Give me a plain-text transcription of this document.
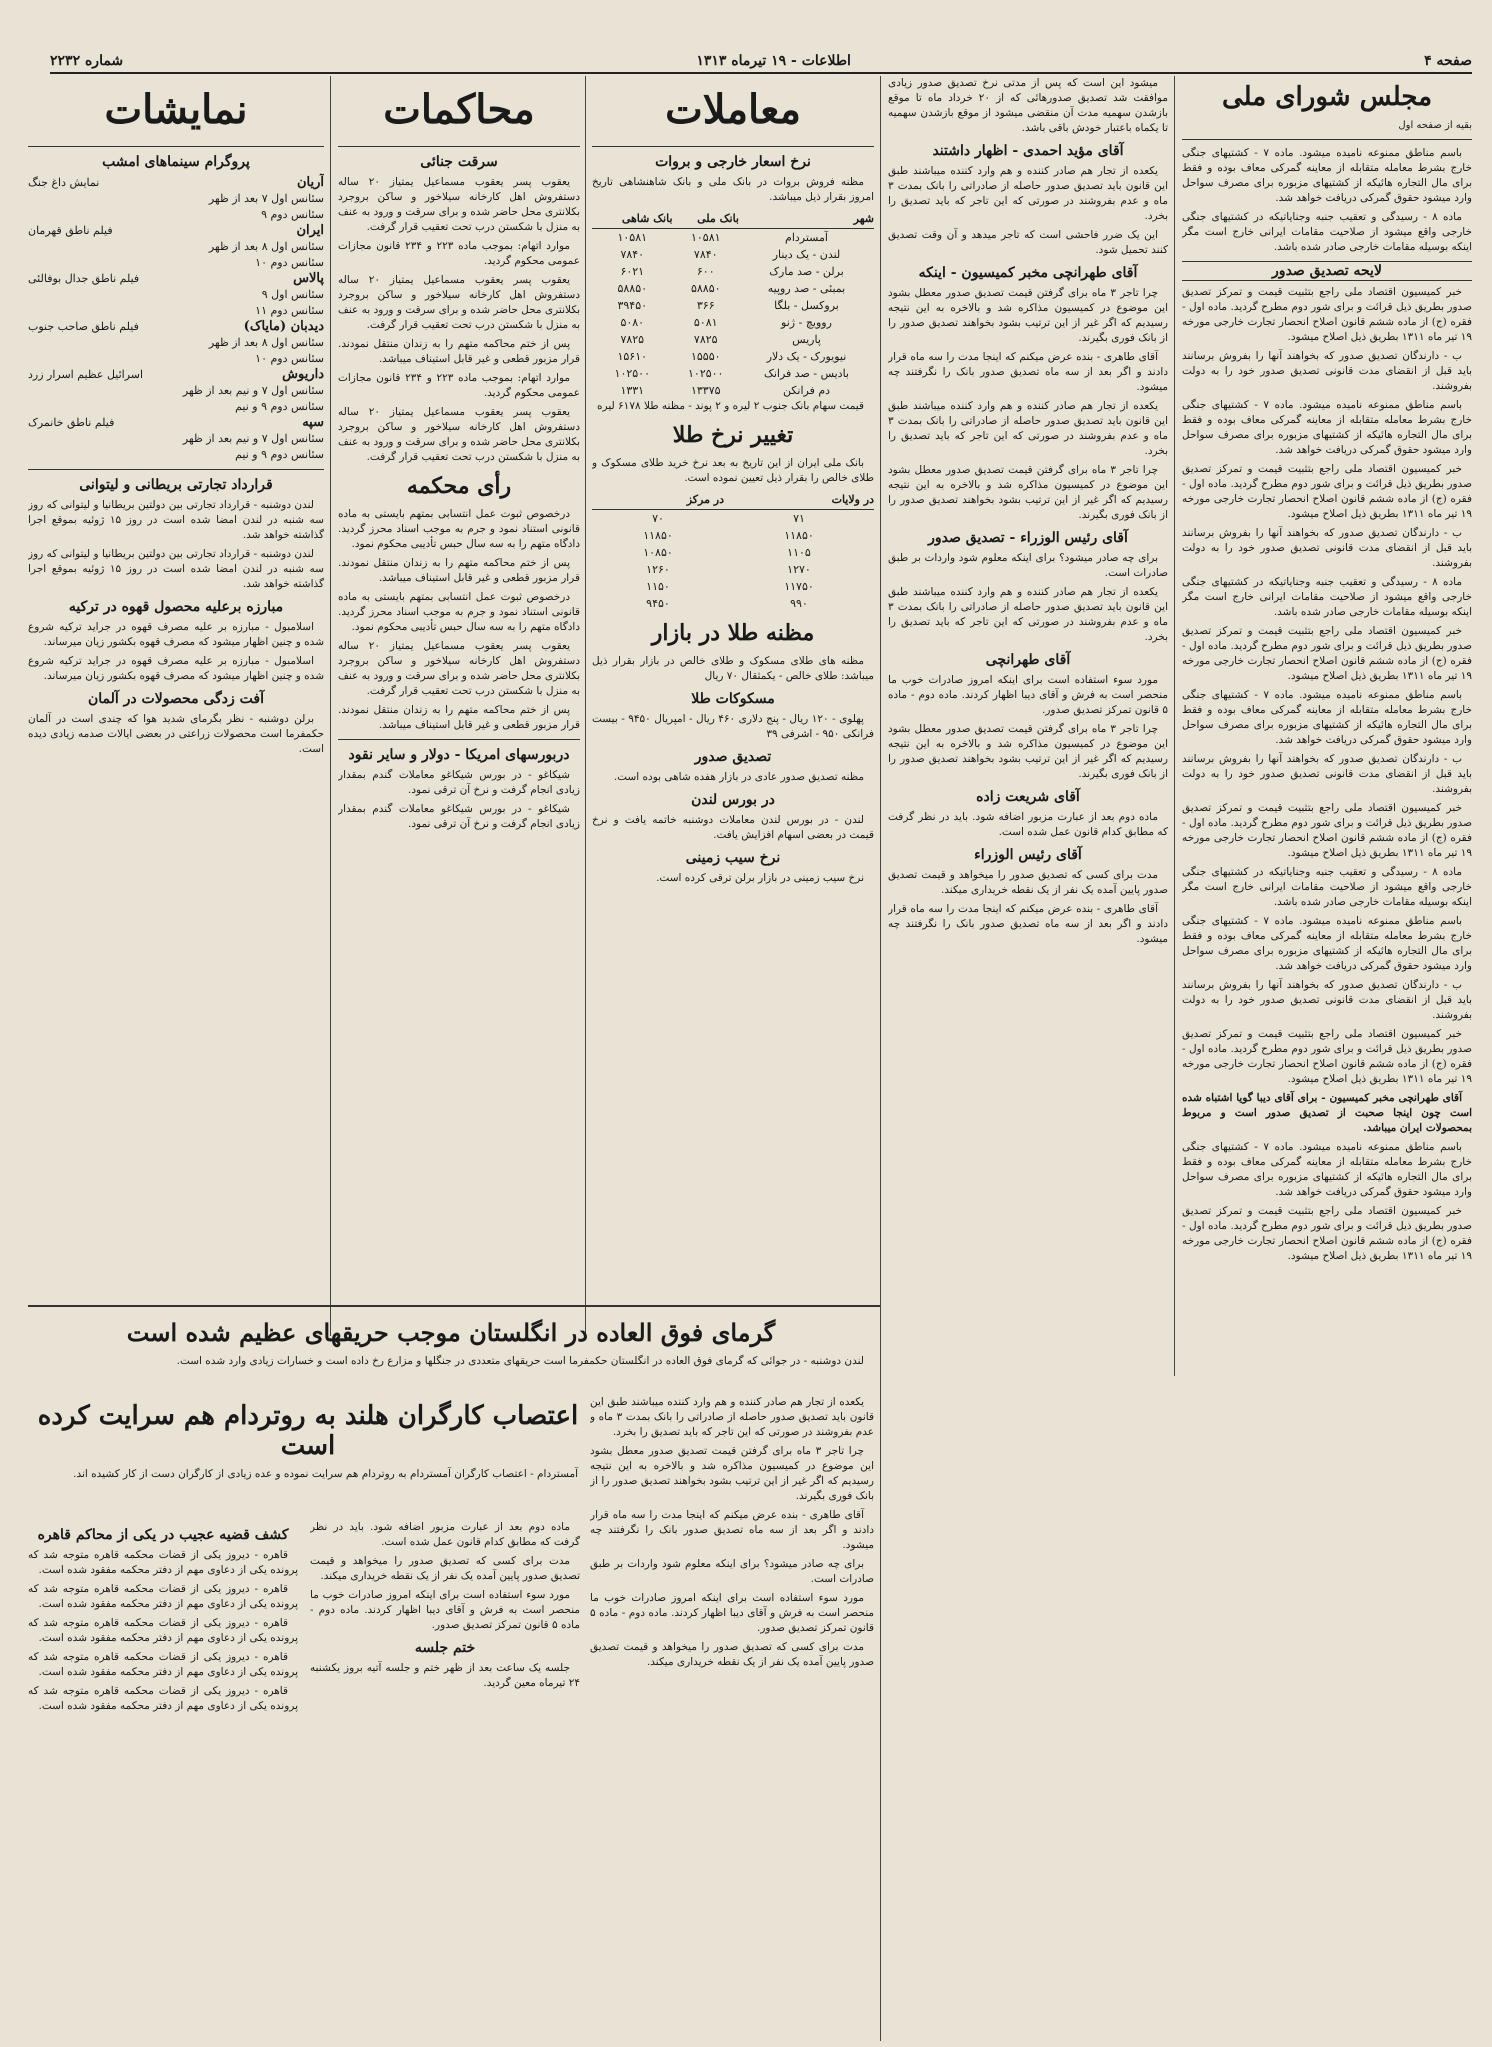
صفحه ۴
اطلاعات - ۱۹ تیرماه ۱۳۱۳
شماره ۲۲۳۲
مجلس شورای ملی
بقیه از صفحه اول

باسم مناطق ممنوعه نامیده میشود. ماده ۷ - کشتیهای جنگی خارج بشرط معامله متقابله از معاینه گمرکی معاف بوده و فقط برای مال التجاره هائیکه از کشتیهای مزبوره برای مصرف سواحل وارد میشود حقوق گمرکی دریافت خواهد شد.

ماده ۸ - رسیدگی و تعقیب جنبه وجنایاتیکه در کشتیهای جنگی خارجی واقع میشود از صلاحیت مقامات ایرانی خارج است مگر اینکه بوسیله مقامات خارجی صادر شده باشد.

لایحه تصدیق صدور

خبر کمیسیون اقتصاد ملی راجع بتثبیت قیمت و تمرکز تصدیق صدور بطریق ذیل قرائت و برای شور دوم مطرح گردید. ماده اول - فقره (ج) از ماده ششم قانون اصلاح انحصار تجارت خارجی مورخه ۱۹ تیر ماه ۱۳۱۱ بطریق ذیل اصلاح میشود.

ب - دارندگان تصدیق صدور که بخواهند آنها را بفروش برسانند باید قبل از انقضای مدت قانونی تصدیق صدور خود را به دولت بفروشند.

باسم مناطق ممنوعه نامیده میشود. ماده ۷ - کشتیهای جنگی خارج بشرط معامله متقابله از معاینه گمرکی معاف بوده و فقط برای مال التجاره هائیکه از کشتیهای مزبوره برای مصرف سواحل وارد میشود حقوق گمرکی دریافت خواهد شد.

خبر کمیسیون اقتصاد ملی راجع بتثبیت قیمت و تمرکز تصدیق صدور بطریق ذیل قرائت و برای شور دوم مطرح گردید. ماده اول - فقره (ج) از ماده ششم قانون اصلاح انحصار تجارت خارجی مورخه ۱۹ تیر ماه ۱۳۱۱ بطریق ذیل اصلاح میشود.

ب - دارندگان تصدیق صدور که بخواهند آنها را بفروش برسانند باید قبل از انقضای مدت قانونی تصدیق صدور خود را به دولت بفروشند.

ماده ۸ - رسیدگی و تعقیب جنبه وجنایاتیکه در کشتیهای جنگی خارجی واقع میشود از صلاحیت مقامات ایرانی خارج است مگر اینکه بوسیله مقامات خارجی صادر شده باشد.

خبر کمیسیون اقتصاد ملی راجع بتثبیت قیمت و تمرکز تصدیق صدور بطریق ذیل قرائت و برای شور دوم مطرح گردید. ماده اول - فقره (ج) از ماده ششم قانون اصلاح انحصار تجارت خارجی مورخه ۱۹ تیر ماه ۱۳۱۱ بطریق ذیل اصلاح میشود.

باسم مناطق ممنوعه نامیده میشود. ماده ۷ - کشتیهای جنگی خارج بشرط معامله متقابله از معاینه گمرکی معاف بوده و فقط برای مال التجاره هائیکه از کشتیهای مزبوره برای مصرف سواحل وارد میشود حقوق گمرکی دریافت خواهد شد.

ب - دارندگان تصدیق صدور که بخواهند آنها را بفروش برسانند باید قبل از انقضای مدت قانونی تصدیق صدور خود را به دولت بفروشند.

خبر کمیسیون اقتصاد ملی راجع بتثبیت قیمت و تمرکز تصدیق صدور بطریق ذیل قرائت و برای شور دوم مطرح گردید. ماده اول - فقره (ج) از ماده ششم قانون اصلاح انحصار تجارت خارجی مورخه ۱۹ تیر ماه ۱۳۱۱ بطریق ذیل اصلاح میشود.

ماده ۸ - رسیدگی و تعقیب جنبه وجنایاتیکه در کشتیهای جنگی خارجی واقع میشود از صلاحیت مقامات ایرانی خارج است مگر اینکه بوسیله مقامات خارجی صادر شده باشد.

باسم مناطق ممنوعه نامیده میشود. ماده ۷ - کشتیهای جنگی خارج بشرط معامله متقابله از معاینه گمرکی معاف بوده و فقط برای مال التجاره هائیکه از کشتیهای مزبوره برای مصرف سواحل وارد میشود حقوق گمرکی دریافت خواهد شد.

ب - دارندگان تصدیق صدور که بخواهند آنها را بفروش برسانند باید قبل از انقضای مدت قانونی تصدیق صدور خود را به دولت بفروشند.

خبر کمیسیون اقتصاد ملی راجع بتثبیت قیمت و تمرکز تصدیق صدور بطریق ذیل قرائت و برای شور دوم مطرح گردید. ماده اول - فقره (ج) از ماده ششم قانون اصلاح انحصار تجارت خارجی مورخه ۱۹ تیر ماه ۱۳۱۱ بطریق ذیل اصلاح میشود.

آقای طهرانچی مخبر کمیسیون - برای آقای دیبا گویا اشتباه شده است چون اینجا صحبت از تصدیق صدور است و مربوط بمحصولات ایران میباشد.

باسم مناطق ممنوعه نامیده میشود. ماده ۷ - کشتیهای جنگی خارج بشرط معامله متقابله از معاینه گمرکی معاف بوده و فقط برای مال التجاره هائیکه از کشتیهای مزبوره برای مصرف سواحل وارد میشود حقوق گمرکی دریافت خواهد شد.

خبر کمیسیون اقتصاد ملی راجع بتثبیت قیمت و تمرکز تصدیق صدور بطریق ذیل قرائت و برای شور دوم مطرح گردید. ماده اول - فقره (ج) از ماده ششم قانون اصلاح انحصار تجارت خارجی مورخه ۱۹ تیر ماه ۱۳۱۱ بطریق ذیل اصلاح میشود.

میشود این است که پس از مدتی نرخ تصدیق صدور زیادی موافقت شد تصدیق صدورهائی که از ۲۰ خرداد ماه تا موقع بازشدن سهمیه مدت آن منقضی میشود از موقع بازشدن سهمیه تا یکماه باعتبار خودش باقی باشد.

آقای مؤید احمدی - اظهار داشتند

یکعده از تجار هم صادر کننده و هم وارد کننده میباشند طبق این قانون باید تصدیق صدور حاصله از صادراتی را بانک بمدت ۳ ماه و عدم بفروشند در صورتی که این تاجر که باید تصدیق را بخرد.

این یک ضرر فاحشی است که تاجر میدهد و آن وقت تصدیق کنند تحمیل شود.

آقای طهرانچی مخبر کمیسیون - اینکه

چرا تاجر ۳ ماه برای گرفتن قیمت تصدیق صدور معطل بشود این موضوع در کمیسیون مذاکره شد و بالاخره به این نتیجه رسیدیم که اگر غیر از این ترتیب بشود بخواهند تصدیق صدور را از بانک فوری بگیرند.

آقای طاهری - بنده عرض میکنم که اینجا مدت را سه ماه قرار دادند و اگر بعد از سه ماه تصدیق صدور بانک را نگرفتند چه میشود.

یکعده از تجار هم صادر کننده و هم وارد کننده میباشند طبق این قانون باید تصدیق صدور حاصله از صادراتی را بانک بمدت ۳ ماه و عدم بفروشند در صورتی که این تاجر که باید تصدیق را بخرد.

چرا تاجر ۳ ماه برای گرفتن قیمت تصدیق صدور معطل بشود این موضوع در کمیسیون مذاکره شد و بالاخره به این نتیجه رسیدیم که اگر غیر از این ترتیب بشود بخواهند تصدیق صدور را از بانک فوری بگیرند.

آقای رئیس الوزراء - تصدیق صدور

برای چه صادر میشود؟ برای اینکه معلوم شود واردات بر طبق صادرات است.

یکعده از تجار هم صادر کننده و هم وارد کننده میباشند طبق این قانون باید تصدیق صدور حاصله از صادراتی را بانک بمدت ۳ ماه و عدم بفروشند در صورتی که این تاجر که باید تصدیق را بخرد.

آقای طهرانچی

مورد سوء استفاده است برای اینکه امروز صادرات خوب ما منحصر است به فرش و آقای دیبا اظهار کردند. ماده دوم - ماده ۵ قانون تمرکز تصدیق صدور.

چرا تاجر ۳ ماه برای گرفتن قیمت تصدیق صدور معطل بشود این موضوع در کمیسیون مذاکره شد و بالاخره به این نتیجه رسیدیم که اگر غیر از این ترتیب بشود بخواهند تصدیق صدور را از بانک فوری بگیرند.

آقای شریعت زاده

ماده دوم بعد از عبارت مزبور اضافه شود. باید در نظر گرفت که مطابق کدام قانون عمل شده است.

آقای رئیس الوزراء

مدت برای کسی که تصدیق صدور را میخواهد و قیمت تصدیق صدور پایین آمده یک نفر از یک نقطه خریداری میکند.

آقای طاهری - بنده عرض میکنم که اینجا مدت را سه ماه قرار دادند و اگر بعد از سه ماه تصدیق صدور بانک را نگرفتند چه میشود.

معاملات
نرخ اسعار خارجی و بروات

مظنه فروش بروات در بانک ملی و بانک شاهنشاهی تاریخ امروز بقرار ذیل میباشد.

شهر	بانک ملی	بانک شاهی
آمستردام	۱۰۵۸۱	۱۰۵۸۱
لندن - یک دینار	۷۸۴۰	۷۸۴۰
برلن - صد مارک	۶۰۰	۶۰۲۱
بمبئی - صد روپیه	۵۸۸۵۰	۵۸۸۵۰
بروکسل - بلگا	۳۶۶	۳۹۴۵۰
روویچ - ژنو	۵۰۸۱	۵۰۸۰
پاریس	۷۸۲۵	۷۸۲۵
نیویورک - یک دلار	۱۵۵۵۰	۱۵۶۱۰
بادیس - صد فرانک	۱۰۲۵۰۰	۱۰۲۵۰۰
دم فرانکن	۱۳۳۷۵	۱۳۳۱

قیمت سهام بانک جنوب ۲ لیره و ۲ پوند - مظنه طلا ۶۱۷۸ لیره

تغییر نرخ طلا

بانک ملی ایران از این تاریخ به بعد نرخ خرید طلای مسکوک و طلای خالص را بقرار ذیل تعیین نموده است.

در ولایات	در مرکز
۷۱	۷۰
۱۱۸۵۰	۱۱۸۵۰
۱۱۰۵	۱۰۸۵۰
۱۲۷۰	۱۲۶۰
۱۱۷۵۰	۱۱۵۰
۹۹۰	۹۴۵۰
مظنه طلا در بازار

مظنه های طلای مسکوک و طلای خالص در بازار بقرار ذیل میباشد: طلای خالص - یکمثقال ۷۰ ریال

مسکوکات طلا

پهلوی - ۱۲۰ ریال - پنج دلاری ۴۶۰ ریال - امپریال ۹۴۵۰ - بیست فرانکی ۹۵۰ - اشرفی ۳۹

تصدیق صدور

مظنه تصدیق صدور عادی در بازار هفده شاهی بوده است.

در بورس لندن

لندن - در بورس لندن معاملات دوشنبه خاتمه یافت و نرخ قیمت در بعضی اسهام افزایش یافت.

نرخ سیب زمینی

نرخ سیب زمینی در بازار برلن ترقی کرده است.

محاکمات
سرقت جنائی

یعقوب پسر یعقوب مسماعیل یمتیاز ۲۰ ساله دستفروش اهل کارخانه سیلاخور و ساکن بروجرد بکلانتری محل حاضر شده و برای سرقت و ورود به عنف به منزل با شکستن درب تحت تعقیب قرار گرفت.

موارد اتهام: بموجب ماده ۲۲۳ و ۲۳۴ قانون مجازات عمومی محکوم گردید.

یعقوب پسر یعقوب مسماعیل یمتیاز ۲۰ ساله دستفروش اهل کارخانه سیلاخور و ساکن بروجرد بکلانتری محل حاضر شده و برای سرقت و ورود به عنف به منزل با شکستن درب تحت تعقیب قرار گرفت.

پس از ختم محاکمه متهم را به زندان منتقل نمودند. قرار مزبور قطعی و غیر قابل استیناف میباشد.

موارد اتهام: بموجب ماده ۲۲۳ و ۲۳۴ قانون مجازات عمومی محکوم گردید.

یعقوب پسر یعقوب مسماعیل یمتیاز ۲۰ ساله دستفروش اهل کارخانه سیلاخور و ساکن بروجرد بکلانتری محل حاضر شده و برای سرقت و ورود به عنف به منزل با شکستن درب تحت تعقیب قرار گرفت.

رأی محکمه

درخصوص ثبوت عمل انتسابی بمتهم بایستی به ماده قانونی استناد نمود و جرم به موجب اسناد محرز گردید. دادگاه متهم را به سه سال حبس تأدیبی محکوم نمود.

پس از ختم محاکمه متهم را به زندان منتقل نمودند. قرار مزبور قطعی و غیر قابل استیناف میباشد.

درخصوص ثبوت عمل انتسابی بمتهم بایستی به ماده قانونی استناد نمود و جرم به موجب اسناد محرز گردید. دادگاه متهم را به سه سال حبس تأدیبی محکوم نمود.

یعقوب پسر یعقوب مسماعیل یمتیاز ۲۰ ساله دستفروش اهل کارخانه سیلاخور و ساکن بروجرد بکلانتری محل حاضر شده و برای سرقت و ورود به عنف به منزل با شکستن درب تحت تعقیب قرار گرفت.

پس از ختم محاکمه متهم را به زندان منتقل نمودند. قرار مزبور قطعی و غیر قابل استیناف میباشد.

دربورسهای امریکا - دولار و سایر نقود

شیکاغو - در بورس شیکاغو معاملات گندم بمقدار زیادی انجام گرفت و نرخ آن ترقی نمود.

شیکاغو - در بورس شیکاغو معاملات گندم بمقدار زیادی انجام گرفت و نرخ آن ترقی نمود.

نمایشات
پروگرام سینماهای امشب
آریان
نمایش داغ جنگ
سئانس اول ۷ بعد از ظهر
سئانس دوم ۹
ایران
فیلم ناطق قهرمان
سئانس اول ۸ بعد از ظهر
سئانس دوم ۱۰
پالاس
فیلم ناطق جدال بوفالئی
سئانس اول ۹
سئانس دوم ۱۱
دیدبان (مایاک)
فیلم ناطق صاحب جنوب
سئانس اول ۸ بعد از ظهر
سئانس دوم ۱۰
داریوش
اسرائیل عظیم اسرار زرد
سئانس اول ۷ و نیم بعد از ظهر
سئانس دوم ۹ و نیم
سپه
فیلم ناطق خانمرک
سئانس اول ۷ و نیم بعد از ظهر
سئانس دوم ۹ و نیم
قرارداد تجارتی بریطانی و لیتوانی

لندن دوشنبه - قرارداد تجارتی بین دولتین بریطانیا و لیتوانی که روز سه شنبه در لندن امضا شده است در روز ۱۵ ژوئیه بموقع اجرا گذاشته خواهد شد.

لندن دوشنبه - قرارداد تجارتی بین دولتین بریطانیا و لیتوانی که روز سه شنبه در لندن امضا شده است در روز ۱۵ ژوئیه بموقع اجرا گذاشته خواهد شد.

مبارزه برعلیه محصول قهوه در ترکیه

اسلامبول - مبارزه بر علیه مصرف قهوه در جراید ترکیه شروع شده و چنین اظهار میشود که مصرف قهوه بکشور زیان میرساند.

اسلامبول - مبارزه بر علیه مصرف قهوه در جراید ترکیه شروع شده و چنین اظهار میشود که مصرف قهوه بکشور زیان میرساند.

آفت زدگی محصولات در آلمان

برلن دوشنبه - نظر بگرمای شدید هوا که چندی است در آلمان حکمفرما است محصولات زراعتی در بعضی ایالات صدمه زیادی دیده است.

گرمای فوق العاده در انگلستان موجب حریقهای عظیم شده است

لندن دوشنبه - در جوائی که گرمای فوق العاده در انگلستان حکمفرما است حریقهای متعددی در جنگلها و مزارع رخ داده است و خسارات زیادی وارد شده است.

اعتصاب کارگران هلند به روتردام هم سرایت کرده است

آمستردام - اعتصاب کارگران آمستردام به روتردام هم سرایت نموده و عده زیادی از کارگران دست از کار کشیده اند.

کشف قضیه عجیب در یکی از محاکم قاهره

قاهره - دیروز یکی از قضات محکمه قاهره متوجه شد که پرونده یکی از دعاوی مهم از دفتر محکمه مفقود شده است.

قاهره - دیروز یکی از قضات محکمه قاهره متوجه شد که پرونده یکی از دعاوی مهم از دفتر محکمه مفقود شده است.

قاهره - دیروز یکی از قضات محکمه قاهره متوجه شد که پرونده یکی از دعاوی مهم از دفتر محکمه مفقود شده است.

قاهره - دیروز یکی از قضات محکمه قاهره متوجه شد که پرونده یکی از دعاوی مهم از دفتر محکمه مفقود شده است.

قاهره - دیروز یکی از قضات محکمه قاهره متوجه شد که پرونده یکی از دعاوی مهم از دفتر محکمه مفقود شده است.

ماده دوم بعد از عبارت مزبور اضافه شود. باید در نظر گرفت که مطابق کدام قانون عمل شده است.

مدت برای کسی که تصدیق صدور را میخواهد و قیمت تصدیق صدور پایین آمده یک نفر از یک نقطه خریداری میکند.

مورد سوء استفاده است برای اینکه امروز صادرات خوب ما منحصر است به فرش و آقای دیبا اظهار کردند. ماده دوم - ماده ۵ قانون تمرکز تصدیق صدور.

ختم جلسه

جلسه یک ساعت بعد از ظهر ختم و جلسه آتیه بروز یکشنبه ۲۴ تیرماه معین گردید.

یکعده از تجار هم صادر کننده و هم وارد کننده میباشند طبق این قانون باید تصدیق صدور حاصله از صادراتی را بانک بمدت ۳ ماه و عدم بفروشند در صورتی که این تاجر که باید تصدیق را بخرد.

چرا تاجر ۳ ماه برای گرفتن قیمت تصدیق صدور معطل بشود این موضوع در کمیسیون مذاکره شد و بالاخره به این نتیجه رسیدیم که اگر غیر از این ترتیب بشود بخواهند تصدیق صدور را از بانک فوری بگیرند.

آقای طاهری - بنده عرض میکنم که اینجا مدت را سه ماه قرار دادند و اگر بعد از سه ماه تصدیق صدور بانک را نگرفتند چه میشود.

برای چه صادر میشود؟ برای اینکه معلوم شود واردات بر طبق صادرات است.

مورد سوء استفاده است برای اینکه امروز صادرات خوب ما منحصر است به فرش و آقای دیبا اظهار کردند. ماده دوم - ماده ۵ قانون تمرکز تصدیق صدور.

مدت برای کسی که تصدیق صدور را میخواهد و قیمت تصدیق صدور پایین آمده یک نفر از یک نقطه خریداری میکند.
